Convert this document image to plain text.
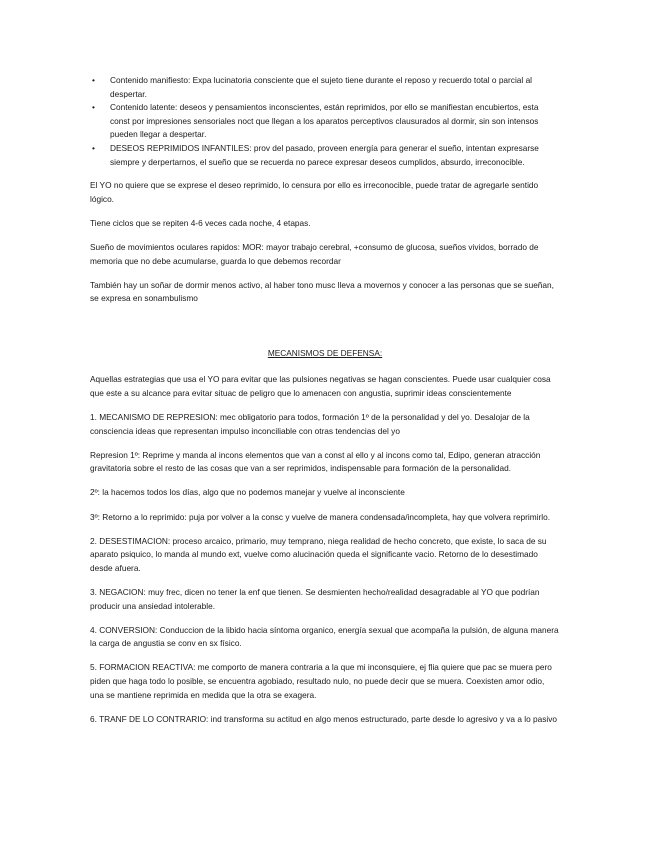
• Contenido manifiesto: Expa lucinatoria consciente que el sujeto tiene durante el reposo y recuerdo total o parcial al despertar.
• Contenido latente: deseos y pensamientos inconscientes, están reprimidos, por ello se manifiestan encubiertos, esta const por impresiones sensoriales noct que llegan a los aparatos perceptivos clausurados al dormir, sin son intensos pueden llegar a despertar.
• DESEOS REPRIMIDOS INFANTILES: prov del pasado, proveen energía para generar el sueño, intentan expresarse siempre y derpertarnos, el sueño que se recuerda no parece expresar deseos cumplidos, absurdo, irreconocible.

El YO no quiere que se exprese el deseo reprimido, lo censura por ello es irreconocible, puede tratar de agregarle sentido lógico.

Tiene ciclos que se repiten 4-6 veces cada noche, 4 etapas.

Sueño de movimientos oculares rapidos: MOR: mayor trabajo cerebral, +consumo de glucosa, sueños vividos, borrado de memoria que no debe acumularse, guarda lo que debemos recordar

También hay un soñar de dormir menos activo, al haber tono musc lleva a movernos y conocer a las personas que se sueñan, se expresa en sonambulismo

MECANISMOS DE DEFENSA:

Aquellas estrategias que usa el YO para evitar que las pulsiones negativas se hagan conscientes. Puede usar cualquier cosa que este a su alcance para evitar situac de peligro que lo amenacen con angustia, suprimir ideas conscientemente

1. MECANISMO DE REPRESION: mec obligatorio para todos, formación 1º de la personalidad y del yo. Desalojar de la consciencia ideas que representan impulso inconciliable con otras tendencias del yo

Represion 1º: Reprime y manda al incons elementos que van a const al ello y al incons como tal, Edipo, generan atracción gravitatoria sobre el resto de las cosas que van a ser reprimidos, indispensable para formación de la personalidad.

2º: la hacemos todos los días, algo que no podemos manejar y vuelve al inconsciente

3º: Retorno a lo reprimido: puja por volver a la consc y vuelve de manera condensada/incompleta, hay que volvera reprimirlo.

2. DESESTIMACION: proceso arcaico, primario, muy temprano, niega realidad de hecho concreto, que existe, lo saca de su aparato psiquico, lo manda al mundo ext, vuelve como alucinación queda el significante vacio. Retorno de lo desestimado desde afuera.

3. NEGACION: muy frec, dicen no tener la enf que tienen. Se desmienten hecho/realidad desagradable al YO que podrían producir una ansiedad intolerable.

4. CONVERSION: Conduccion de la libido hacia síntoma organico, energía sexual que acompaña la pulsión, de alguna manera la carga de angustia se conv en sx físico.

5. FORMACION REACTIVA: me comporto de manera contraria a la que mi inconsquiere, ej flia quiere que pac se muera pero piden que haga todo lo posible, se encuentra agobiado, resultado nulo, no puede decir que se muera. Coexisten amor odio, una se mantiene reprimida en medida que la otra se exagera.

6. TRANF DE LO CONTRARIO: ind transforma su actitud en algo menos estructurado, parte desde lo agresivo y va a lo pasivo
